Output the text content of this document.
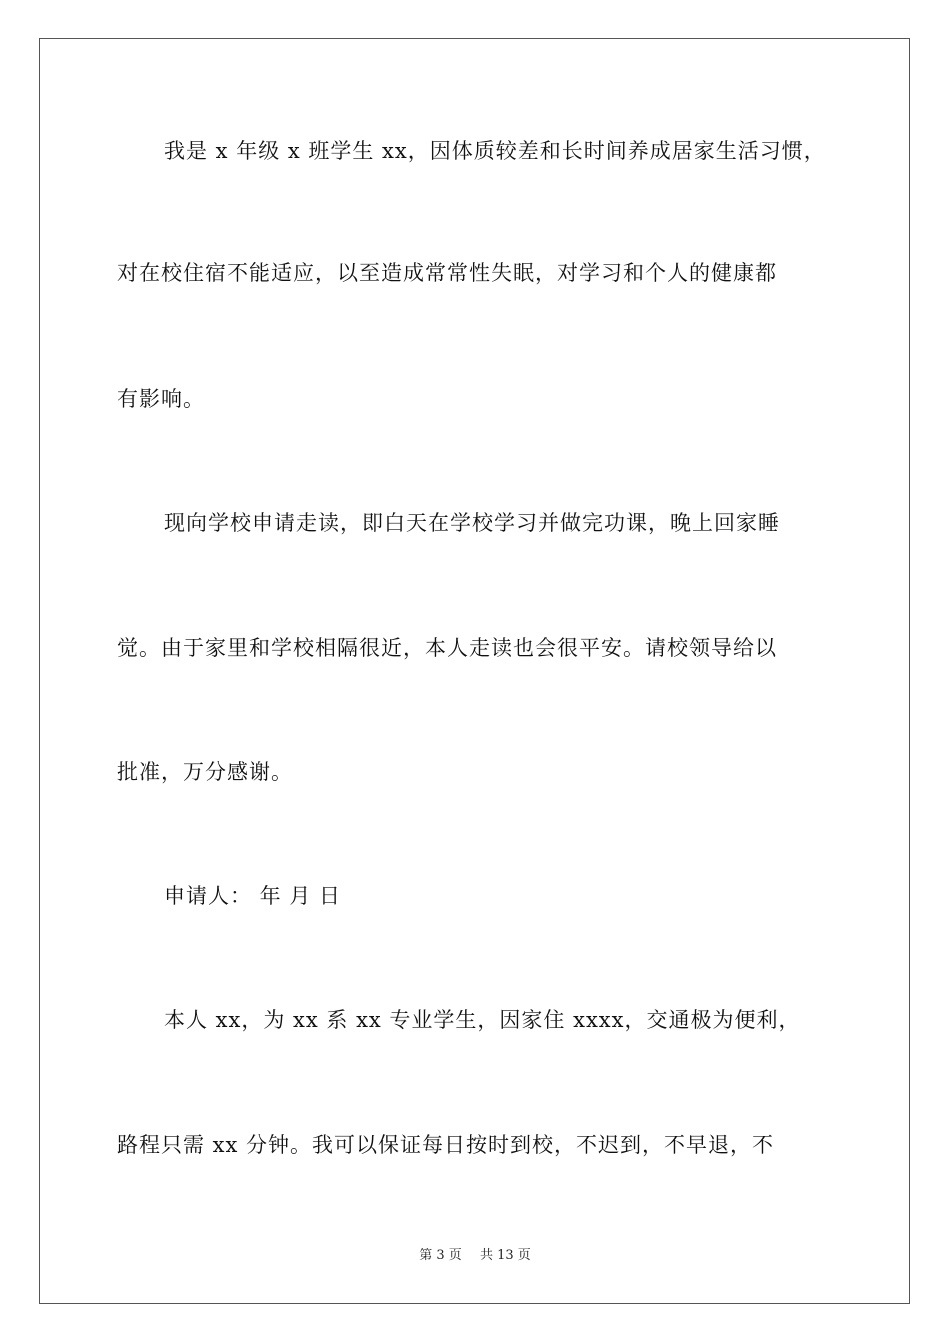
我是 x 年级 x 班学生 xx，因体质较差和长时间养成居家生活习惯，
对在校住宿不能适应，以至造成常常性失眠，对学习和个人的健康都
有影响。
现向学校申请走读，即白天在学校学习并做完功课，晚上回家睡
觉。由于家里和学校相隔很近，本人走读也会很平安。请校领导给以
批准，万分感谢。
申请人： 年 月 日
本人 xx，为 xx 系 xx 专业学生，因家住 xxxx，交通极为便利，
路程只需 xx 分钟。我可以保证每日按时到校，不迟到，不早退，不
第 3 页 共 13 页
